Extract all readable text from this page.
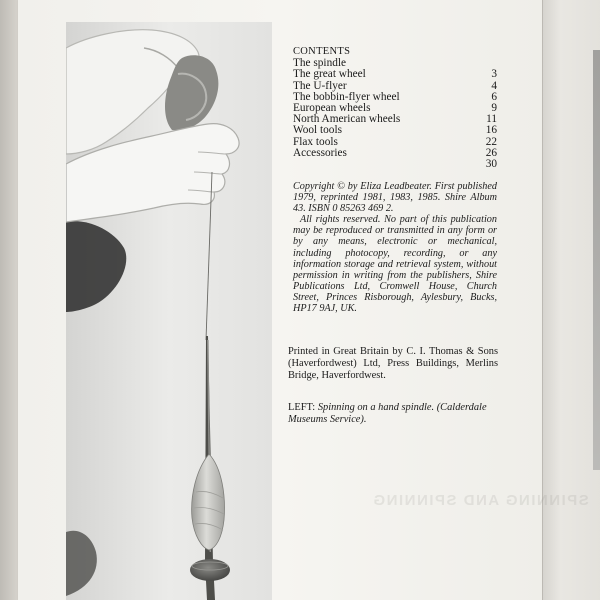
CONTENTS
The spindle
3
The great wheel
4
The U-flyer
6
The bobbin-flyer wheel
9
European wheels
11
North American wheels
16
Wool tools
22
Flax tools
26
Accessories
30

Copyright © by Eliza Leadbeater. First published 1979, reprinted 1981, 1983, 1985. Shire Album 43. ISBN 0 85263 469 2.

All rights reserved. No part of this publication may be reproduced or transmitted in any form or by any means, electronic or mechanical, including photocopy, recording, or any information storage and retrieval system, without permission in writing from the publishers, Shire Publications Ltd, Cromwell House, Church Street, Princes Risborough, Aylesbury, Bucks, HP17 9AJ, UK.

Printed in Great Britain by C. I. Thomas & Sons (Haverfordwest) Ltd, Press Buildings, Merlins Bridge, Haverfordwest.
LEFT: Spinning on a hand spindle. (Calderdale Museums Service).
SPINNING AND SPINNING
